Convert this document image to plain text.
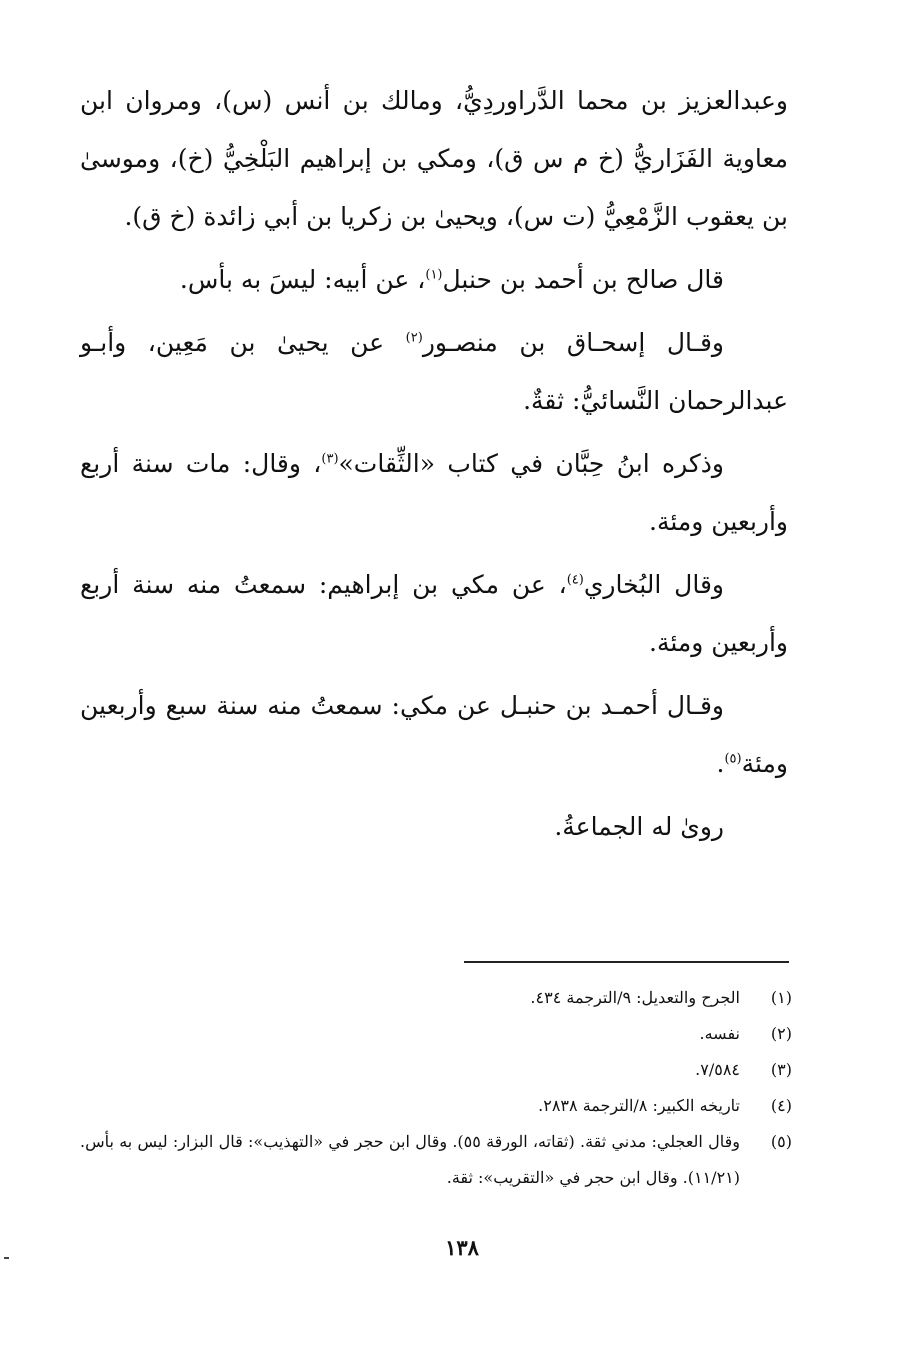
وعبدالعزيز بن محما الدَّراوردِيُّ، ومالك بن أنس (س)، ومروان ابن معاوية الفَزَاريُّ (خ م س ق)، ومكي بن إبراهيم البَلْخِيُّ (خ)، وموسىٰ بن يعقوب الزَّمْعِيُّ (ت س)، ويحيىٰ بن زكريا بن أبي زائدة (خ ق).

قال صالح بن أحمد بن حنبل$^{(١)}$، عن أبيه: ليسَ به بأس.

وقـال إسحـاق بن منصـور$^{(٢)}$ عن يحيىٰ بن مَعِين، وأبـو عبدالرحمان النَّسائيُّ: ثقةٌ.

وذكره ابنُ حِبَّان في كتاب «الثِّقات»$^{(٣)}$، وقال: مات سنة أربع وأربعين ومئة.

وقال البُخاري$^{(٤)}$، عن مكي بن إبراهيم: سمعتُ منه سنة أربع وأربعين ومئة.

وقـال أحمـد بن حنبـل عن مكي: سمعتُ منه سنة سبع وأربعين ومئة$^{(٥)}$.

روىٰ له الجماعةُ.

(١)
الجرح والتعديل: ٩/الترجمة ٤٣٤.
(٢)
نفسه.
(٣)
٧/٥٨٤.
(٤)
تاريخه الكبير: ٨/الترجمة ٢٨٣٨.
(٥)
وقال العجلي: مدني ثقة. (ثقاته، الورقة ٥٥). وقال ابن حجر في «التهذيب»: قال البزار: ليس به بأس. (١١/٢١). وقال ابن حجر في «التقريب»: ثقة.
١٣٨
